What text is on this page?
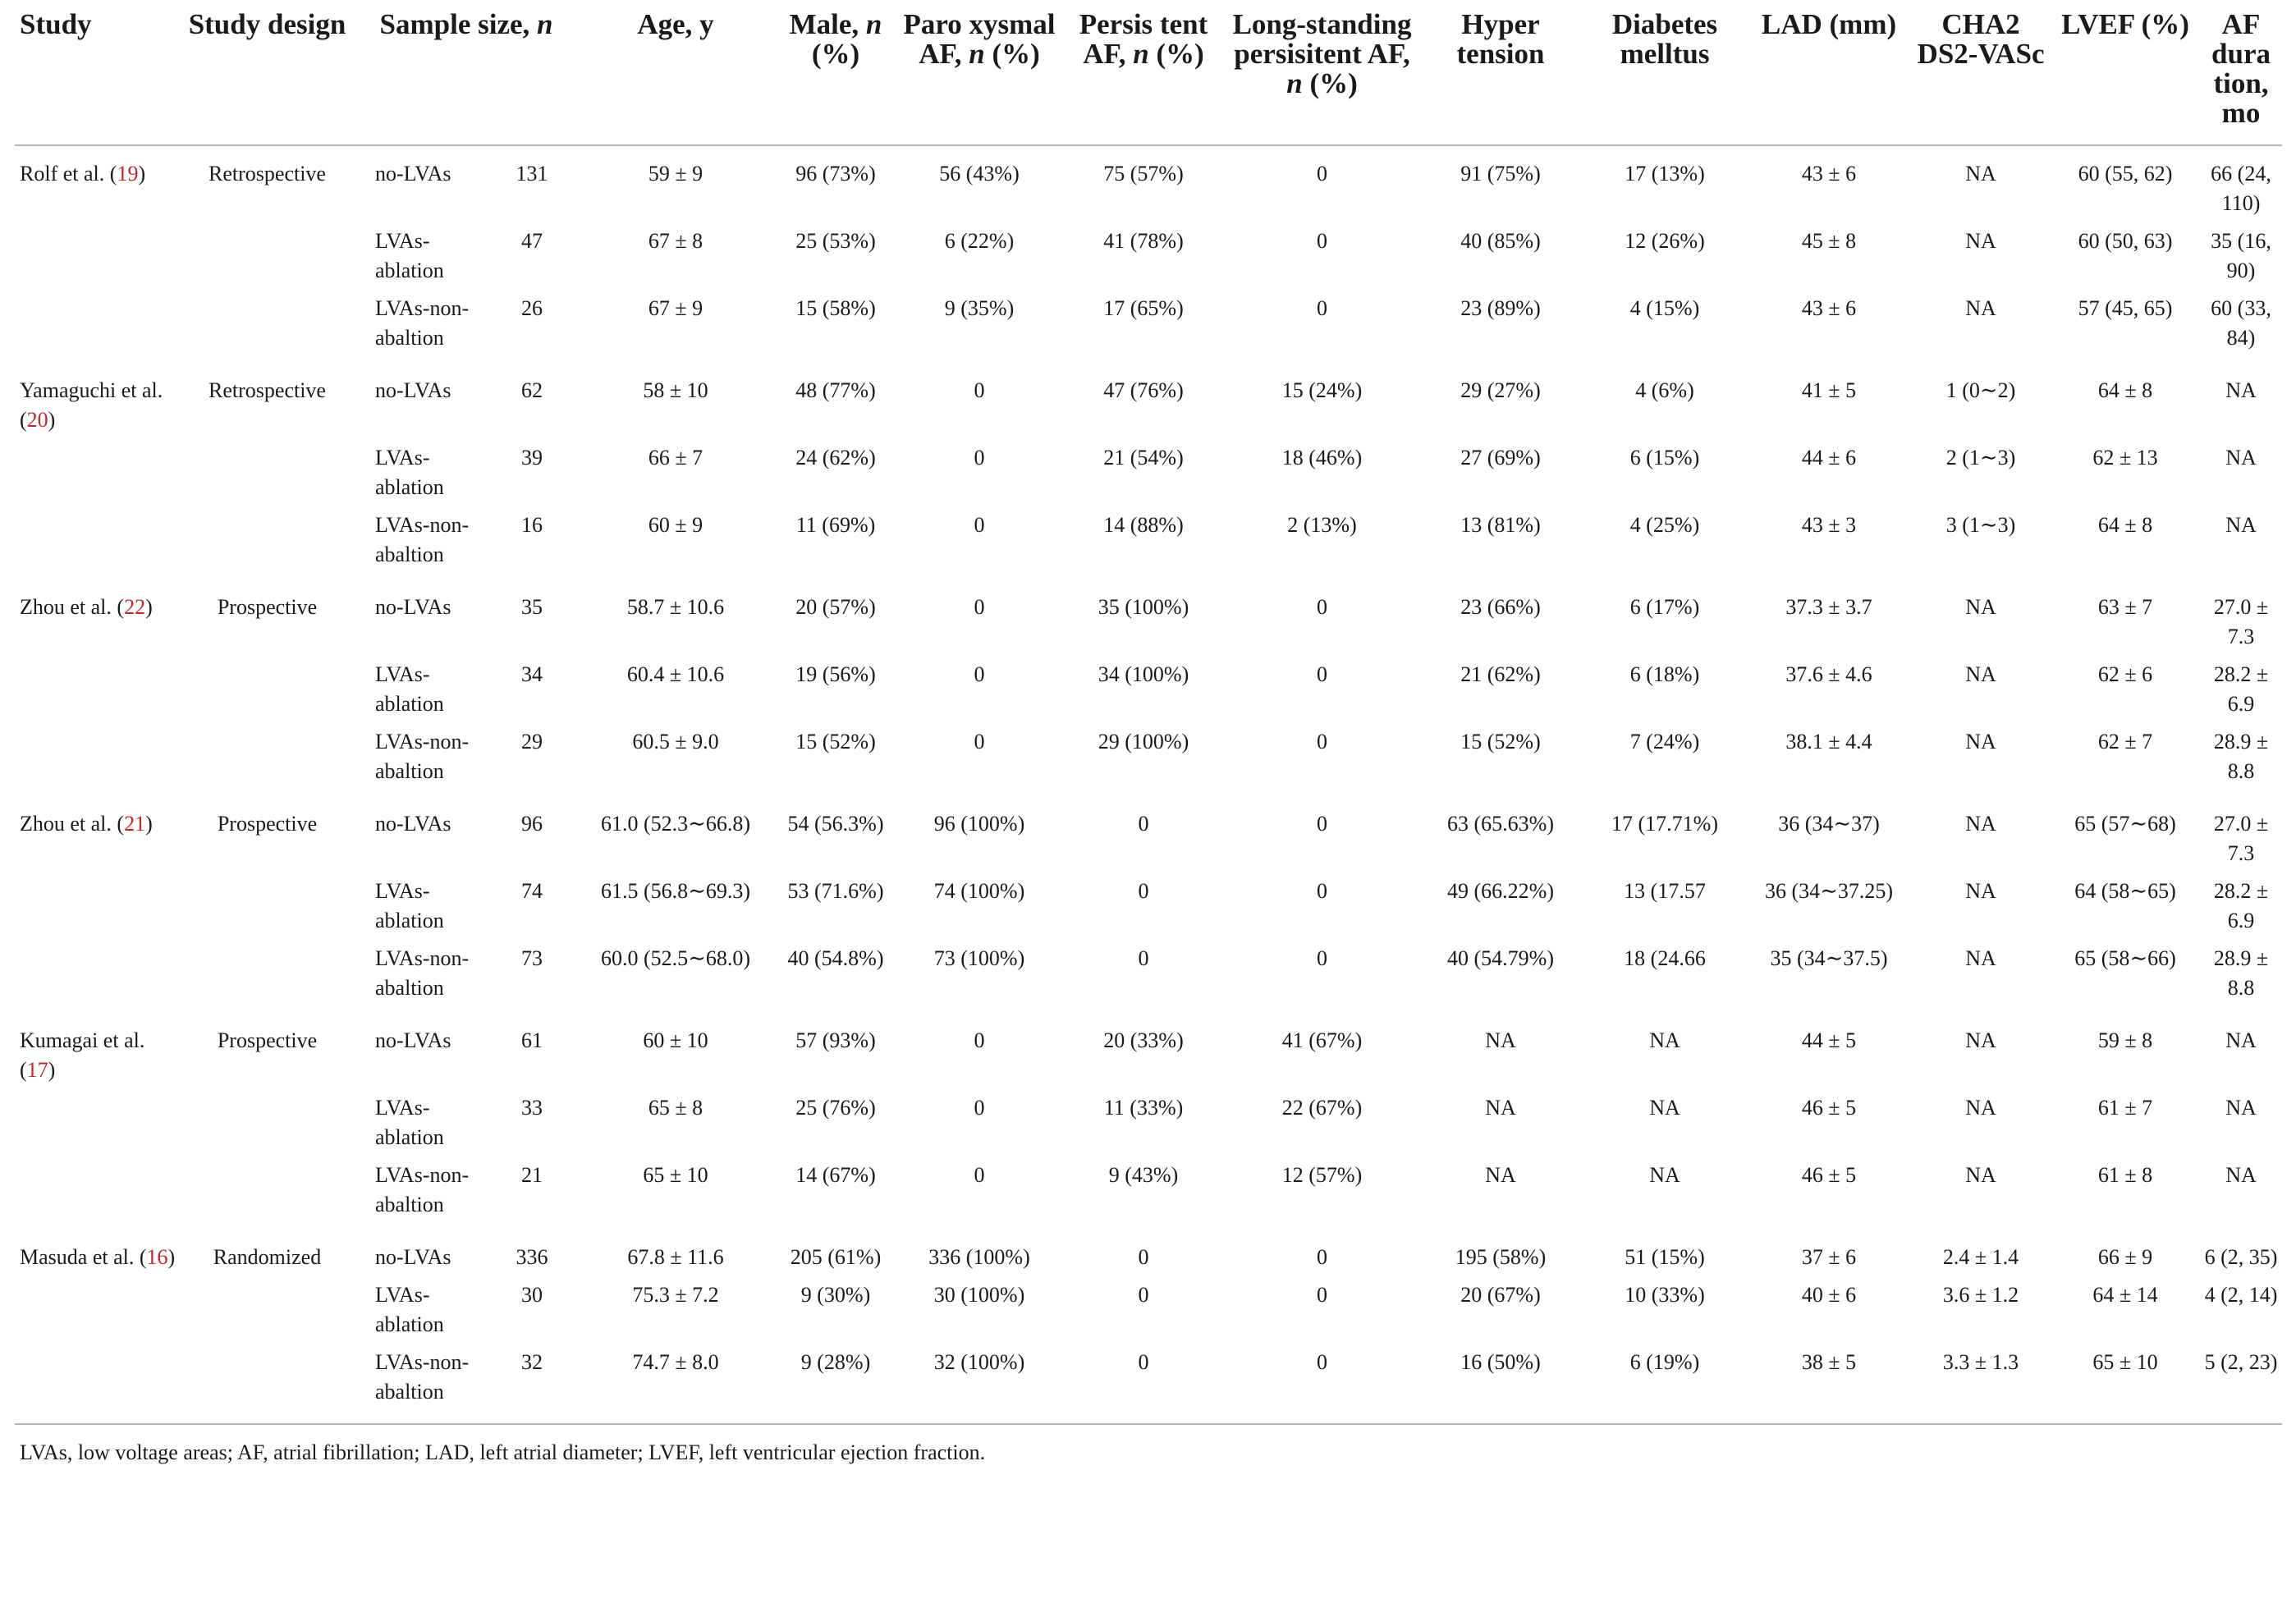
Study	Study design	Sample size, n		Age, y	Male, n (%)	Paro xysmal AF, n (%)	Persis tent AF, n (%)	Long-standing persisitent AF, n (%)	Hyper tension	Diabetes melltus	LAD (mm)	CHA2 DS2-VASc	LVEF (%)	AF dura tion, mo
Rolf et al. (19)	Retrospective	no-LVAs	131	59 ± 9	96 (73%)	56 (43%)	75 (57%)	0	91 (75%)	17 (13%)	43 ± 6	NA	60 (55, 62)	66 (24, 110)
		LVAs-ablation	47	67 ± 8	25 (53%)	6 (22%)	41 (78%)	0	40 (85%)	12 (26%)	45 ± 8	NA	60 (50, 63)	35 (16, 90)
		LVAs-non-abaltion	26	67 ± 9	15 (58%)	9 (35%)	17 (65%)	0	23 (89%)	4 (15%)	43 ± 6	NA	57 (45, 65)	60 (33, 84)
Yamaguchi et al. (20)	Retrospective	no-LVAs	62	58 ± 10	48 (77%)	0	47 (76%)	15 (24%)	29 (27%)	4 (6%)	41 ± 5	1 (0∼2)	64 ± 8	NA
		LVAs-ablation	39	66 ± 7	24 (62%)	0	21 (54%)	18 (46%)	27 (69%)	6 (15%)	44 ± 6	2 (1∼3)	62 ± 13	NA
		LVAs-non-abaltion	16	60 ± 9	11 (69%)	0	14 (88%)	2 (13%)	13 (81%)	4 (25%)	43 ± 3	3 (1∼3)	64 ± 8	NA
Zhou et al. (22)	Prospective	no-LVAs	35	58.7 ± 10.6	20 (57%)	0	35 (100%)	0	23 (66%)	6 (17%)	37.3 ± 3.7	NA	63 ± 7	27.0 ± 7.3
		LVAs-ablation	34	60.4 ± 10.6	19 (56%)	0	34 (100%)	0	21 (62%)	6 (18%)	37.6 ± 4.6	NA	62 ± 6	28.2 ± 6.9
		LVAs-non-abaltion	29	60.5 ± 9.0	15 (52%)	0	29 (100%)	0	15 (52%)	7 (24%)	38.1 ± 4.4	NA	62 ± 7	28.9 ± 8.8
Zhou et al. (21)	Prospective	no-LVAs	96	61.0 (52.3∼66.8)	54 (56.3%)	96 (100%)	0	0	63 (65.63%)	17 (17.71%)	36 (34∼37)	NA	65 (57∼68)	27.0 ± 7.3
		LVAs-ablation	74	61.5 (56.8∼69.3)	53 (71.6%)	74 (100%)	0	0	49 (66.22%)	13 (17.57	36 (34∼37.25)	NA	64 (58∼65)	28.2 ± 6.9
		LVAs-non-abaltion	73	60.0 (52.5∼68.0)	40 (54.8%)	73 (100%)	0	0	40 (54.79%)	18 (24.66	35 (34∼37.5)	NA	65 (58∼66)	28.9 ± 8.8
Kumagai et al. (17)	Prospective	no-LVAs	61	60 ± 10	57 (93%)	0	20 (33%)	41 (67%)	NA	NA	44 ± 5	NA	59 ± 8	NA
		LVAs-ablation	33	65 ± 8	25 (76%)	0	11 (33%)	22 (67%)	NA	NA	46 ± 5	NA	61 ± 7	NA
		LVAs-non-abaltion	21	65 ± 10	14 (67%)	0	9 (43%)	12 (57%)	NA	NA	46 ± 5	NA	61 ± 8	NA
Masuda et al. (16)	Randomized	no-LVAs	336	67.8 ± 11.6	205 (61%)	336 (100%)	0	0	195 (58%)	51 (15%)	37 ± 6	2.4 ± 1.4	66 ± 9	6 (2, 35)
		LVAs-ablation	30	75.3 ± 7.2	9 (30%)	30 (100%)	0	0	20 (67%)	10 (33%)	40 ± 6	3.6 ± 1.2	64 ± 14	4 (2, 14)
		LVAs-non-abaltion	32	74.7 ± 8.0	9 (28%)	32 (100%)	0	0	16 (50%)	6 (19%)	38 ± 5	3.3 ± 1.3	65 ± 10	5 (2, 23)
LVAs, low voltage areas; AF, atrial fibrillation; LAD, left atrial diameter; LVEF, left ventricular ejection fraction.
